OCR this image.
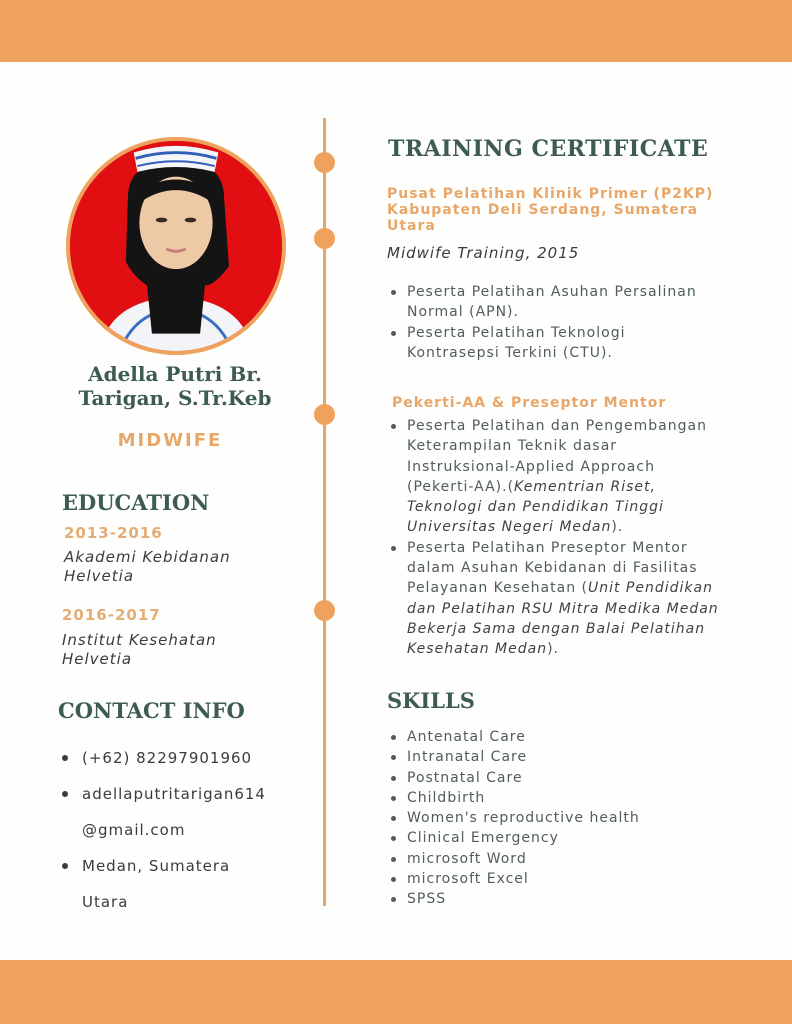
Adella Putri Br.
Tarigan, S.Tr.Keb
MIDWIFE
EDUCATION
2013-2016
Akademi Kebidanan
Helvetia
2016-2017
Institut Kesehatan
Helvetia
CONTACT INFO
(+62) 82297901960
adellaputritarigan614
@gmail.com
Medan, Sumatera
Utara
TRAINING CERTIFICATE
Pusat Pelatihan Klinik Primer (P2KP)
Kabupaten Deli Serdang, Sumatera
Utara
Midwife Training, 2015
Peserta Pelatihan Asuhan Persalinan
Normal (APN).
Peserta Pelatihan Teknologi
Kontrasepsi Terkini (CTU).
Pekerti-AA & Preseptor Mentor
Peserta Pelatihan dan Pengembangan
Keterampilan Teknik dasar
Instruksional-Applied Approach
(Pekerti-AA).(Kementrian Riset,
Teknologi dan Pendidikan Tinggi
Universitas Negeri Medan).
Peserta Pelatihan Preseptor Mentor
dalam Asuhan Kebidanan di Fasilitas
Pelayanan Kesehatan (Unit Pendidikan
dan Pelatihan RSU Mitra Medika Medan
Bekerja Sama dengan Balai Pelatihan
Kesehatan Medan).
SKILLS
Antenatal Care
Intranatal Care
Postnatal Care
Childbirth
Women's reproductive health
Clinical Emergency
microsoft Word
microsoft Excel
SPSS
